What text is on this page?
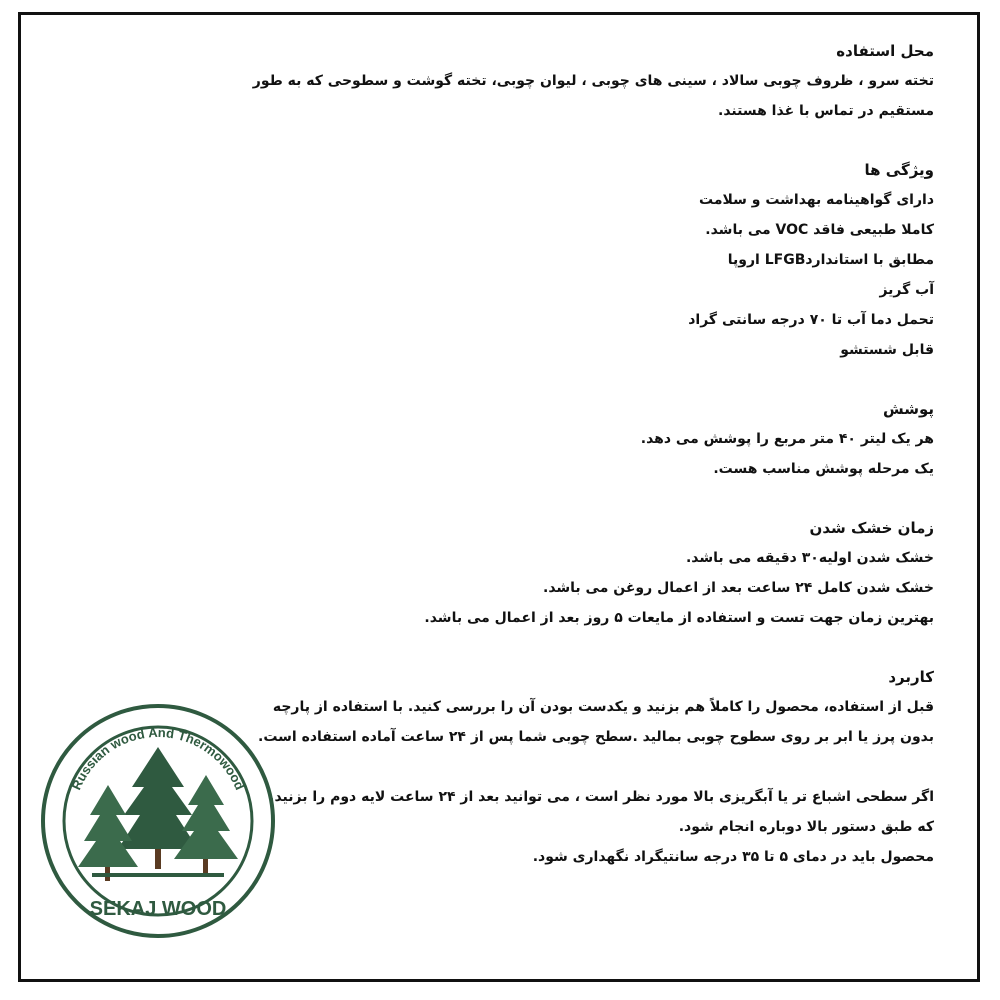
محل استفاده
تخته سرو ، ظروف چوبی سالاد ، سینی های چوبی ، لیوان چوبی، تخته گوشت و سطوحی که به طور
مستقیم در تماس با غذا هستند.
ویژگی ها
دارای گواهینامه بهداشت و سلامت
کاملا طبیعی فاقد VOC می باشد.
مطابق با استانداردLFGB اروپا
آب گریز
تحمل دما آب تا ۷۰ درجه سانتی گراد
قابل شستشو
پوشش
هر یک لیتر ۴۰ متر مربع را پوشش می دهد.
یک مرحله پوشش مناسب هست.
زمان خشک شدن
خشک شدن اولیه۳۰ دقیقه می باشد.
خشک شدن کامل ۲۴ ساعت بعد از اعمال روغن می باشد.
بهترین زمان جهت تست و استفاده از مایعات ۵ روز بعد از اعمال می باشد.
کاربرد
قبل از استفاده، محصول را کاملاً هم بزنید و یکدست بودن آن را بررسی کنید. با استفاده از پارچه
بدون پرز یا ابر بر روی سطوح چوبی بمالید .سطح چوبی شما پس از ۲۴ ساعت آماده استفاده است.
اگر سطحی اشباع تر یا آبگریزی بالا مورد نظر است ، می توانید بعد از ۲۴ ساعت لایه دوم را بزنید.
که طبق دستور بالا دوباره انجام شود.
محصول باید در دمای ۵ تا ۳۵ درجه سانتیگراد نگهداری شود.
Russian wood And Thermowood
SEKAJ WOOD
